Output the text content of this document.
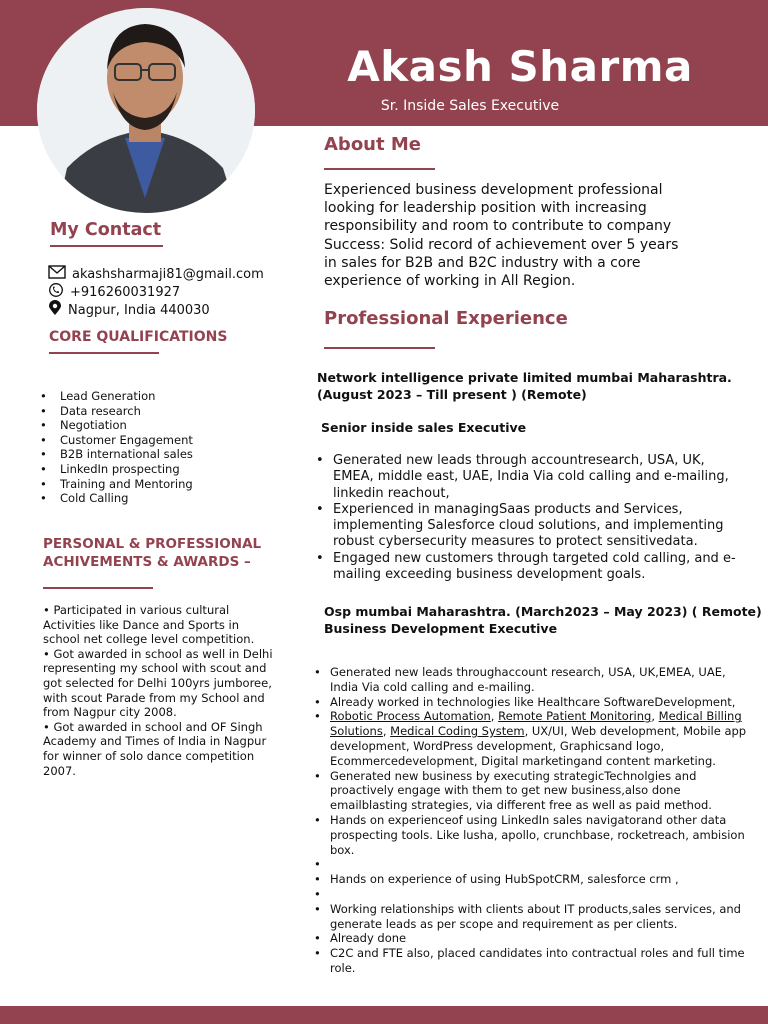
Akash Sharma
Sr. Inside Sales Executive
My Contact
akashsharmaji81@gmail.com
+916260031927
Nagpur, India 440030
CORE QUALIFICATIONS
• Lead Generation
• Data research
• Negotiation
• Customer Engagement
• B2B international sales
• LinkedIn prospecting
• Training and Mentoring
• Cold Calling
PERSONAL & PROFESSIONAL
ACHIVEMENTS & AWARDS –

• Participated in various cultural Activities like Dance and Sports in school net college level competition.

• Got awarded in school as well in Delhi representing my school with scout and got selected for Delhi 100yrs jumboree, with scout Parade from my School and from Nagpur city 2008.

• Got awarded in school and OF Singh Academy and Times of India in Nagpur for winner of solo dance competition 2007.

About Me
Experienced business development professional looking for leadership position with increasing responsibility and room to contribute to company Success: Solid record of achievement over 5 years in sales for B2B and B2C industry with a core experience of working in All Region.
Professional Experience
Network intelligence private limited mumbai Maharashtra.
(August 2023 – Till present ) (Remote)
Senior inside sales Executive
• Generated new leads through accountresearch, USA, UK, EMEA, middle east, UAE, India Via cold calling and e-mailing, linkedin reachout,
• Experienced in managingSaas products and Services, implementing Salesforce cloud solutions, and implementing robust cybersecurity measures to protect sensitivedata.
• Engaged new customers through targeted cold calling, and e-mailing exceeding business development goals.
Osp mumbai Maharashtra. (March2023 – May 2023) ( Remote)
Business Development Executive
• Generated new leads throughaccount research, USA, UK,EMEA, UAE, India Via cold calling and e-mailing.
• Already worked in technologies like Healthcare SoftwareDevelopment,
• Robotic Process Automation, Remote Patient Monitoring, Medical Billing Solutions, Medical Coding System, UX/UI, Web development, Mobile app development, WordPress development, Graphicsand logo, Ecommercedevelopment, Digital marketingand content marketing.
• Generated new business by executing strategicTechnolgies and proactively engage with them to get new business,also done emailblasting strategies, via different free as well as paid method.
• Hands on experienceof using LinkedIn sales navigatorand other data prospecting tools. Like lusha, apollo, crunchbase, rocketreach, ambision box.
•
• Hands on experience of using HubSpotCRM, salesforce crm ,
•
• Working relationships with clients about IT products,sales services, and generate leads as per scope and requirement as per clients.
• Already done
• C2C and FTE also, placed candidates into contractual roles and full time role.
